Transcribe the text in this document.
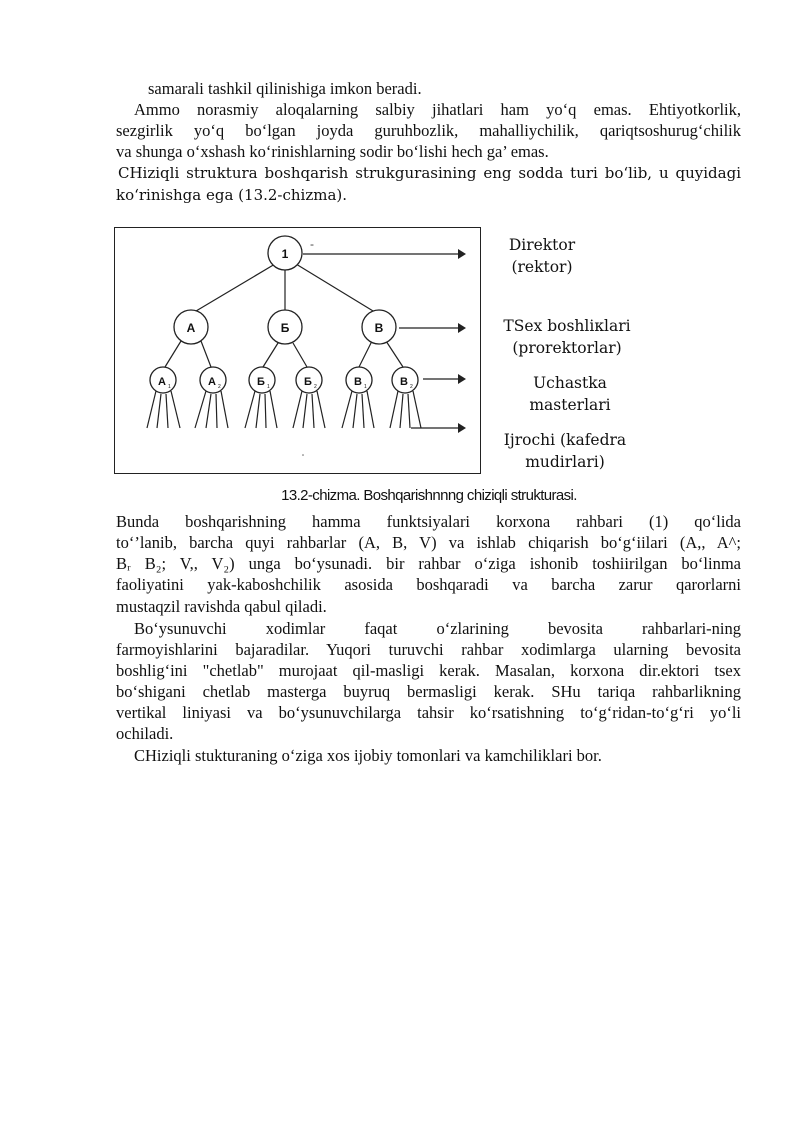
samarali tashkil qilinishiga imkon beradi.
Ammo norasmiy aloqalarning salbiy jihatlari ham yo‘q emas. Ehtiyotkorlik,
sezgirlik yo‘q bo‘lgan joyda guruhbozlik, mahalliychilik, qariqtsoshurug‘chilik
va shunga o‘xshash ko‘rinishlarning sodir bo‘lishi hech ga’ emas.
CHiziqli struktura boshqarish strukgurasining eng sodda turi bo‘lib, u quyidagi
ko‘rinishga ega (13.2-chizma).
-
1
А	Б	В
А	А	Б	Б	В	В
1	2	1	2	1	2
Direktor
(rektor)
TSex boshliкlari
(prorektorlar)
Uchastka
masterlari
Ijrochi (kafedra
mudirlari)
13.2-chizma. Boshqarishnnng chiziqli strukturasi.
Bunda boshqarishning hamma funktsiyalari korxona rahbari (1) qo‘lida
to‘’lanib, barcha quyi rahbarlar (A, B, V) va ishlab chiqarish bo‘g‘iilari (A,, A^;
Bᵣ B₂; V,, V₂) unga bo‘ysunadi. bir rahbar o‘ziga ishonib toshiirilgan bo‘linma
faoliyatini yak-kaboshchilik asosida boshqaradi va barcha zarur qarorlarni
mustaqzil ravishda qabul qiladi.
Bo‘ysunuvchi xodimlar faqat o‘zlarining bevosita rahbarlari-ning
farmoyishlarini bajaradilar. Yuqori turuvchi rahbar xodimlarga ularning bevosita
boshlig‘ini "chetlab" murojaat qil-masligi kerak. Masalan, korxona dir.ektori tsex
bo‘shigani chetlab masterga buyruq bermasligi kerak. SHu tariqa rahbarlikning
vertikal liniyasi va bo‘ysunuvchilarga tahsir ko‘rsatishning to‘g‘ridan-to‘g‘ri yo‘li
ochiladi.
CHiziqli stukturaning o‘ziga xos ijobiy tomonlari va kamchiliklari bor.
